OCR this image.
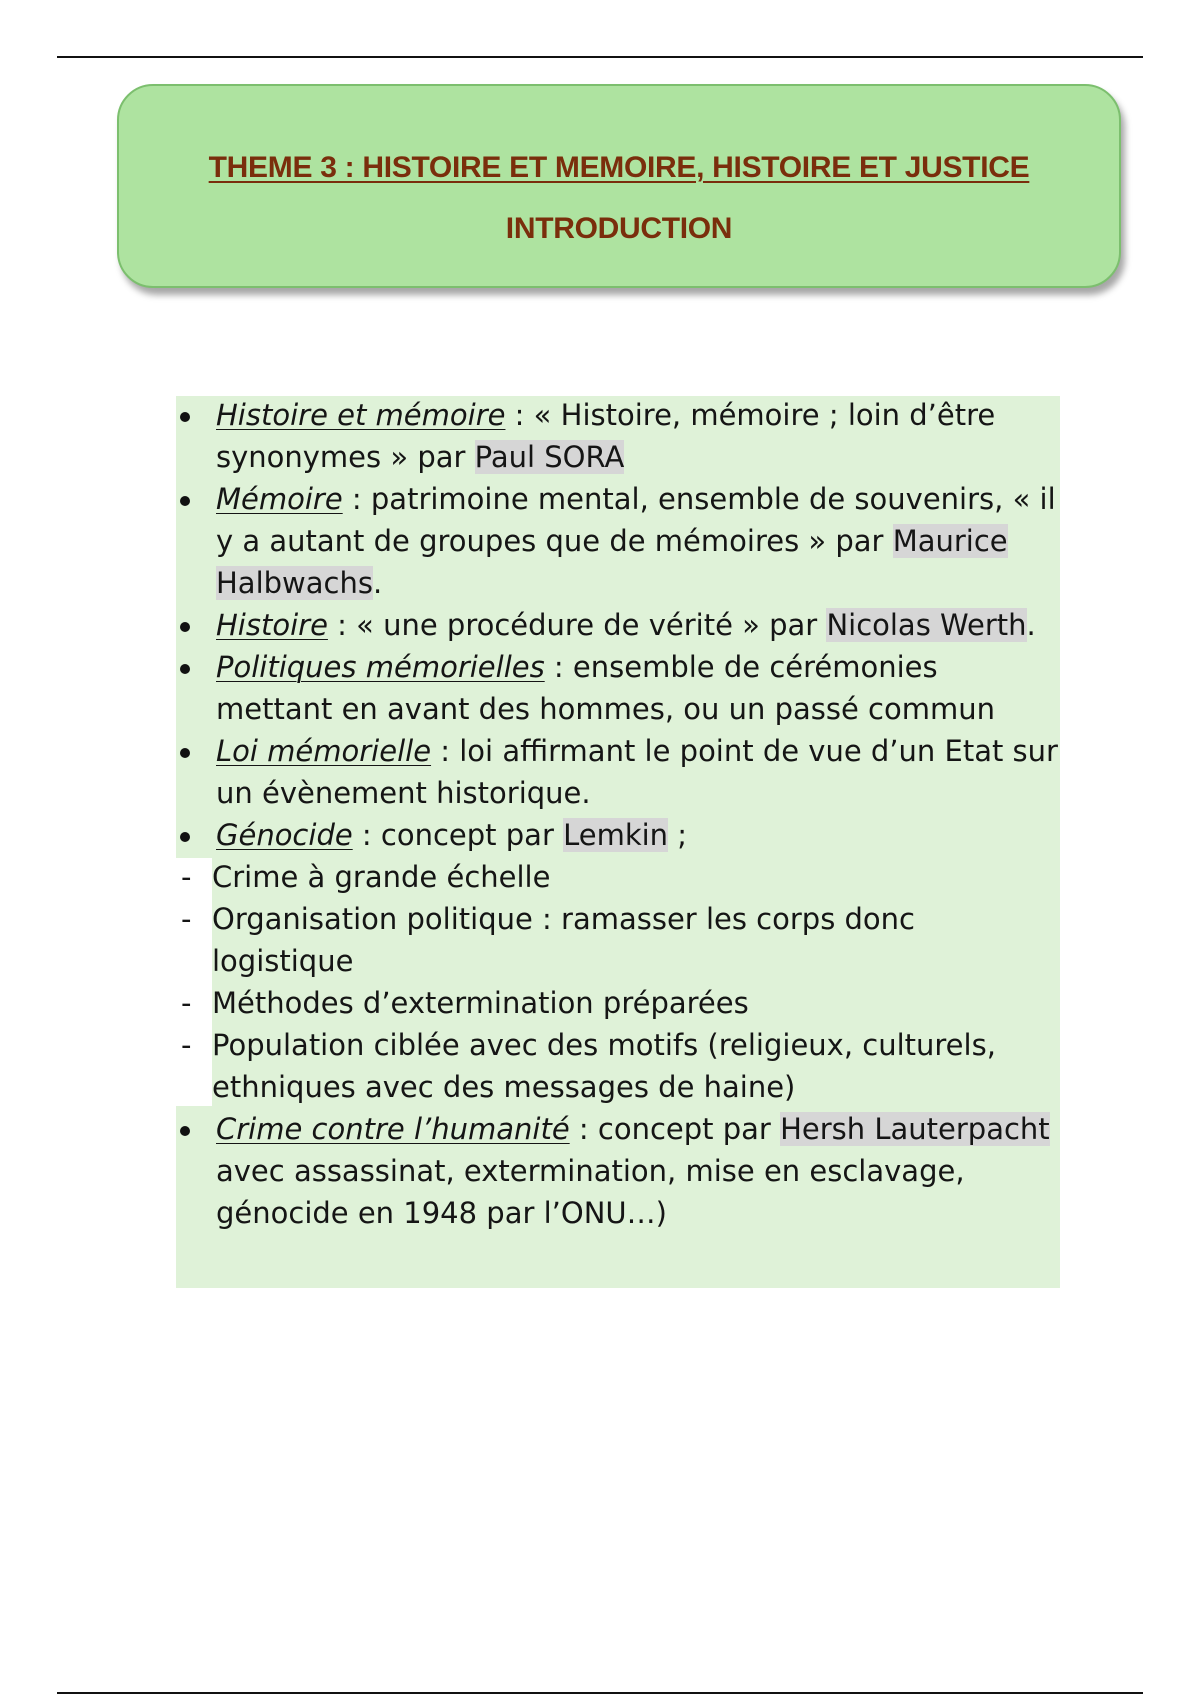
THEME 3 : HISTOIRE ET MEMOIRE, HISTOIRE ET JUSTICE
INTRODUCTION
Histoire et mémoire : « Histoire, mémoire ; loin d’être synonymes » par Paul SORA
Mémoire : patrimoine mental, ensemble de souvenirs, « il y a autant de groupes que de mémoires » par Maurice Halbwachs.
Histoire : « une procédure de vérité » par Nicolas Werth.
Politiques mémorielles : ensemble de cérémonies mettant en avant des hommes, ou un passé commun
Loi mémorielle : loi affirmant le point de vue d’un Etat sur un évènement historique.
Génocide : concept par Lemkin ;
- Crime à grande échelle
- Organisation politique : ramasser les corps donc logistique
- Méthodes d’extermination préparées
- Population ciblée avec des motifs (religieux, culturels, ethniques avec des messages de haine)
Crime contre l’humanité : concept par Hersh Lauterpacht avec assassinat, extermination, mise en esclavage, génocide en 1948 par l’ONU…)
